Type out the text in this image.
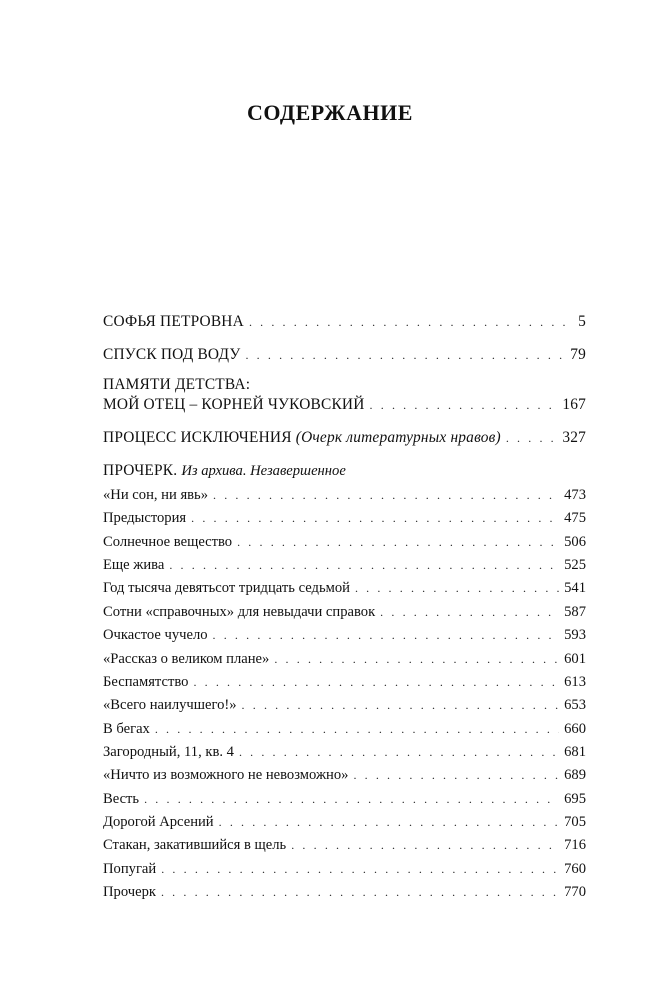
СОДЕРЖАНИЕ
СОФЬЯ ПЕТРОВНА . . .	5
СПУСК ПОД ВОДУ . . .	79
ПАМЯТИ ДЕТСТВА:
МОЙ ОТЕЦ – КОРНЕЙ ЧУКОВСКИЙ . . .	167
ПРОЦЕСС ИСКЛЮЧЕНИЯ (Очерк литературных нравов) . . .	327
ПРОЧЕРК. Из архива. Незавершенное
«Ни сон, ни явь» . . .	473
Предыстория . . .	475
Солнечное вещество . . .	506
Еще жива . . .	525
Год тысяча девятьсот тридцать седьмой . . .	541
Сотни «справочных» для невыдачи справок . . .	587
Очкастое чучело . . .	593
«Рассказ о великом плане» . . .	601
Беспамятство . . .	613
«Всего наилучшего!» . . .	653
В бегах . . .	660
Загородный, 11, кв. 4 . . .	681
«Ничто из возможного не невозможно» . . .	689
Весть . . .	695
Дорогой Арсений . . .	705
Стакан, закатившийся в щель . . .	716
Попугай . . .	760
Прочерк . . .	770
